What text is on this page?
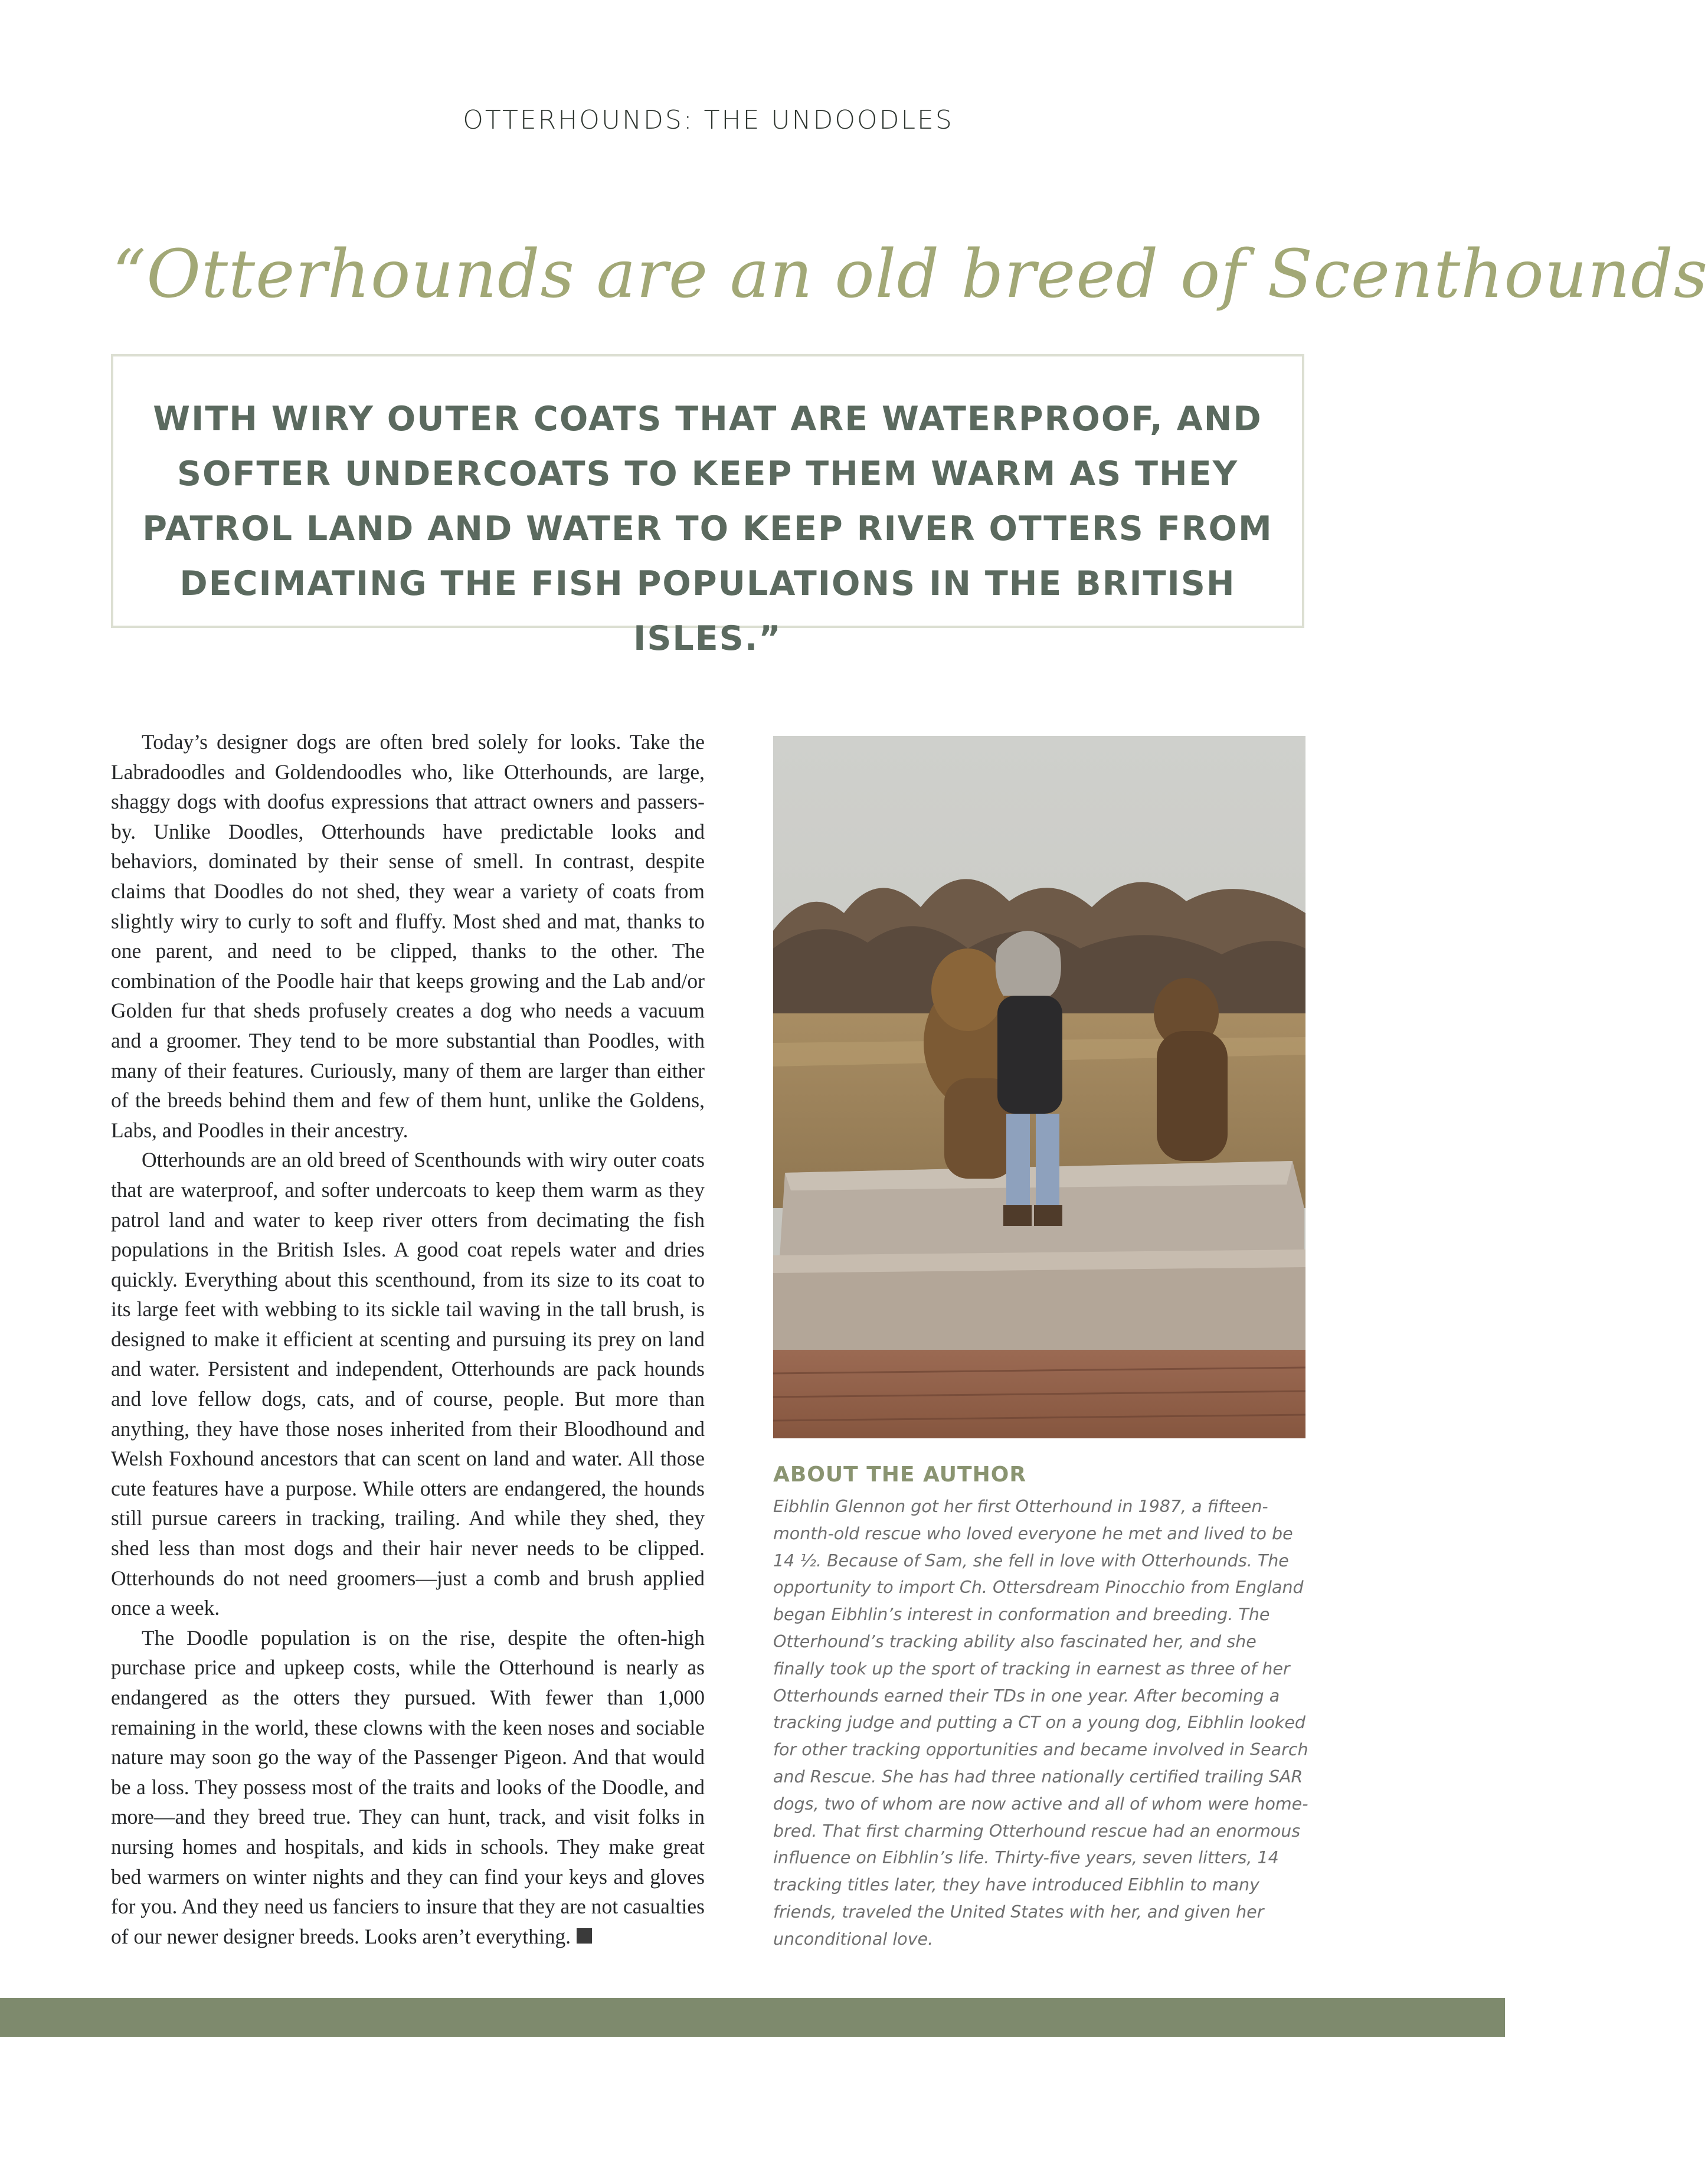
OTTERHOUNDS: THE UNDOODLES
“Otterhounds are an old breed of Scenthounds

WITH WIRY OUTER COATS THAT ARE WATERPROOF, AND SOFTER UNDERCOATS TO KEEP THEM WARM AS THEY PATROL LAND AND WATER TO KEEP RIVER OTTERS FROM DECIMATING THE FISH POPULATIONS IN THE BRITISH ISLES.”

Today’s designer dogs are often bred solely for looks. Take the Labradoodles and Goldendoodles who, like Otterhounds, are large, shaggy dogs with doofus expressions that attract owners and passers-by. Unlike Doodles, Otterhounds have predictable looks and behaviors, dominated by their sense of smell. In contrast, despite claims that Doodles do not shed, they wear a variety of coats from slightly wiry to curly to soft and fluffy. Most shed and mat, thanks to one parent, and need to be clipped, thanks to the other. The combination of the Poodle hair that keeps growing and the Lab and/or Golden fur that sheds profusely creates a dog who needs a vacuum and a groomer. They tend to be more substantial than Poodles, with many of their features. Curiously, many of them are larger than either of the breeds behind them and few of them hunt, unlike the Goldens, Labs, and Poodles in their ancestry.

Otterhounds are an old breed of Scenthounds with wiry outer coats that are waterproof, and softer undercoats to keep them warm as they patrol land and water to keep river otters from decimating the fish populations in the British Isles. A good coat repels water and dries quickly. Everything about this scenthound, from its size to its coat to its large feet with webbing to its sickle tail waving in the tall brush, is designed to make it efficient at scenting and pursuing its prey on land and water. Persistent and independent, Otterhounds are pack hounds and love fellow dogs, cats, and of course, people. But more than anything, they have those noses inherited from their Bloodhound and Welsh Foxhound ancestors that can scent on land and water. All those cute features have a purpose. While otters are endangered, the hounds still pursue careers in tracking, trailing. And while they shed, they shed less than most dogs and their hair never needs to be clipped. Otterhounds do not need groomers—just a comb and brush applied once a week.

The Doodle population is on the rise, despite the often-high purchase price and upkeep costs, while the Otterhound is nearly as endangered as the otters they pursued. With fewer than 1,000 remaining in the world, these clowns with the keen noses and sociable nature may soon go the way of the Passenger Pigeon. And that would be a loss. They possess most of the traits and looks of the Doodle, and more—and they breed true. They can hunt, track, and visit folks in nursing homes and hospitals, and kids in schools. They make great bed warmers on winter nights and they can find your keys and gloves for you. And they need us fanciers to insure that they are not casualties of our newer designer breeds. Looks aren’t everything.

ABOUT THE AUTHOR
Eibhlin Glennon got her first Otterhound in 1987, a fifteen-month-old rescue who loved everyone he met and lived to be 14 ½. Because of Sam, she fell in love with Otterhounds. The opportunity to import Ch. Ottersdream Pinocchio from England began Eibhlin’s interest in conformation and breeding. The Otterhound’s tracking ability also fascinated her, and she finally took up the sport of tracking in earnest as three of her Otterhounds earned their TDs in one year. After becoming a tracking judge and putting a CT on a young dog, Eibhlin looked for other tracking opportunities and became involved in Search and Rescue. She has had three nationally certified trailing SAR dogs, two of whom are now active and all of whom were home-bred. That first charming Otterhound rescue had an enormous influence on Eibhlin’s life. Thirty-five years, seven litters, 14 tracking titles later, they have introduced Eibhlin to many friends, traveled the United States with her, and given her unconditional love.
